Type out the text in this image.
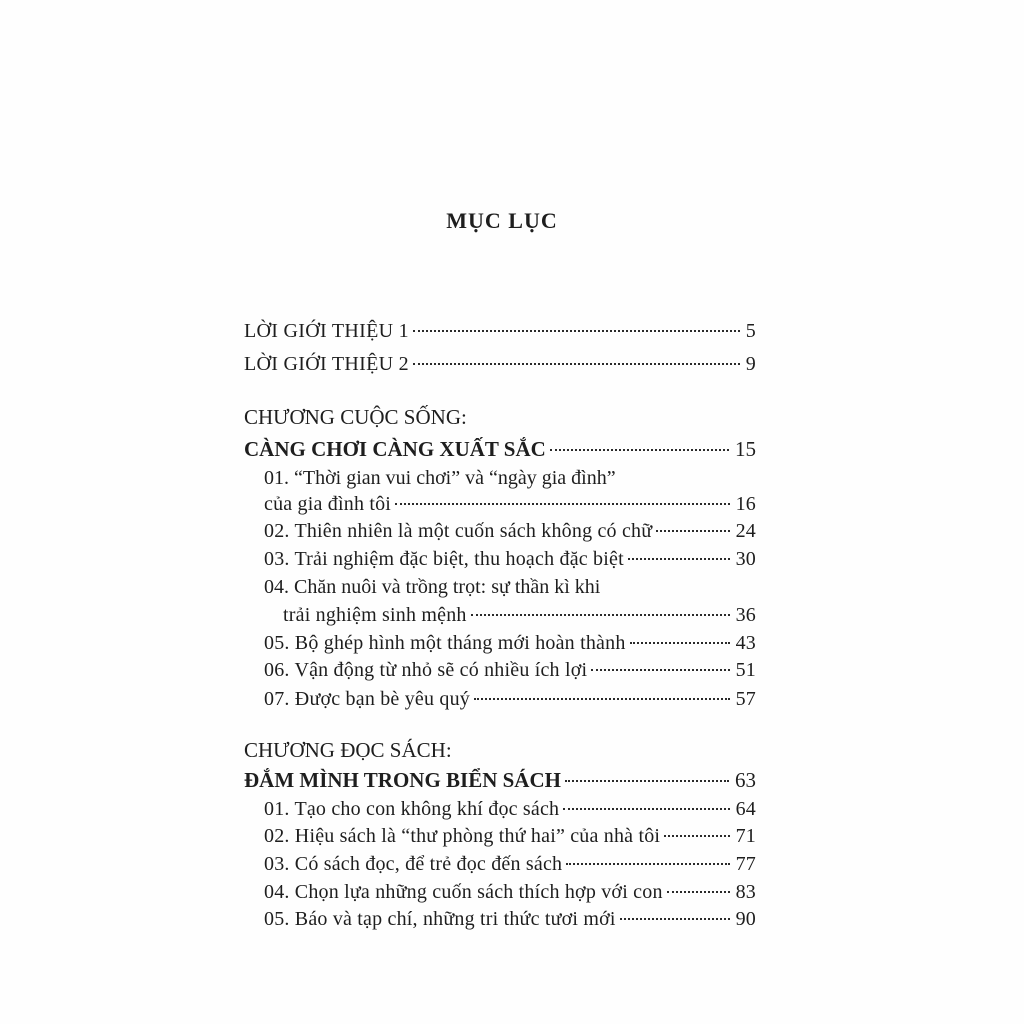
MỤC LỤC
LỜI GIỚI THIỆU 1	5
LỜI GIỚI THIỆU 2	9
CHƯƠNG CUỘC SỐNG:
CÀNG CHƠI CÀNG XUẤT SẮC	15
01. “Thời gian vui chơi” và “ngày gia đình”
của gia đình tôi	16
02. Thiên nhiên là một cuốn sách không có chữ	24
03. Trải nghiệm đặc biệt, thu hoạch đặc biệt	30
04. Chăn nuôi và trồng trọt: sự thần kì khi
trải nghiệm sinh mệnh	36
05. Bộ ghép hình một tháng mới hoàn thành	43
06. Vận động từ nhỏ sẽ có nhiều ích lợi	51
07. Được bạn bè yêu quý	57
CHƯƠNG ĐỌC SÁCH:
ĐẮM MÌNH TRONG BIỂN SÁCH	63
01. Tạo cho con không khí đọc sách	64
02. Hiệu sách là “thư phòng thứ hai” của nhà tôi	71
03. Có sách đọc, để trẻ đọc đến sách	77
04. Chọn lựa những cuốn sách thích hợp với con	83
05. Báo và tạp chí, những tri thức tươi mới	90
